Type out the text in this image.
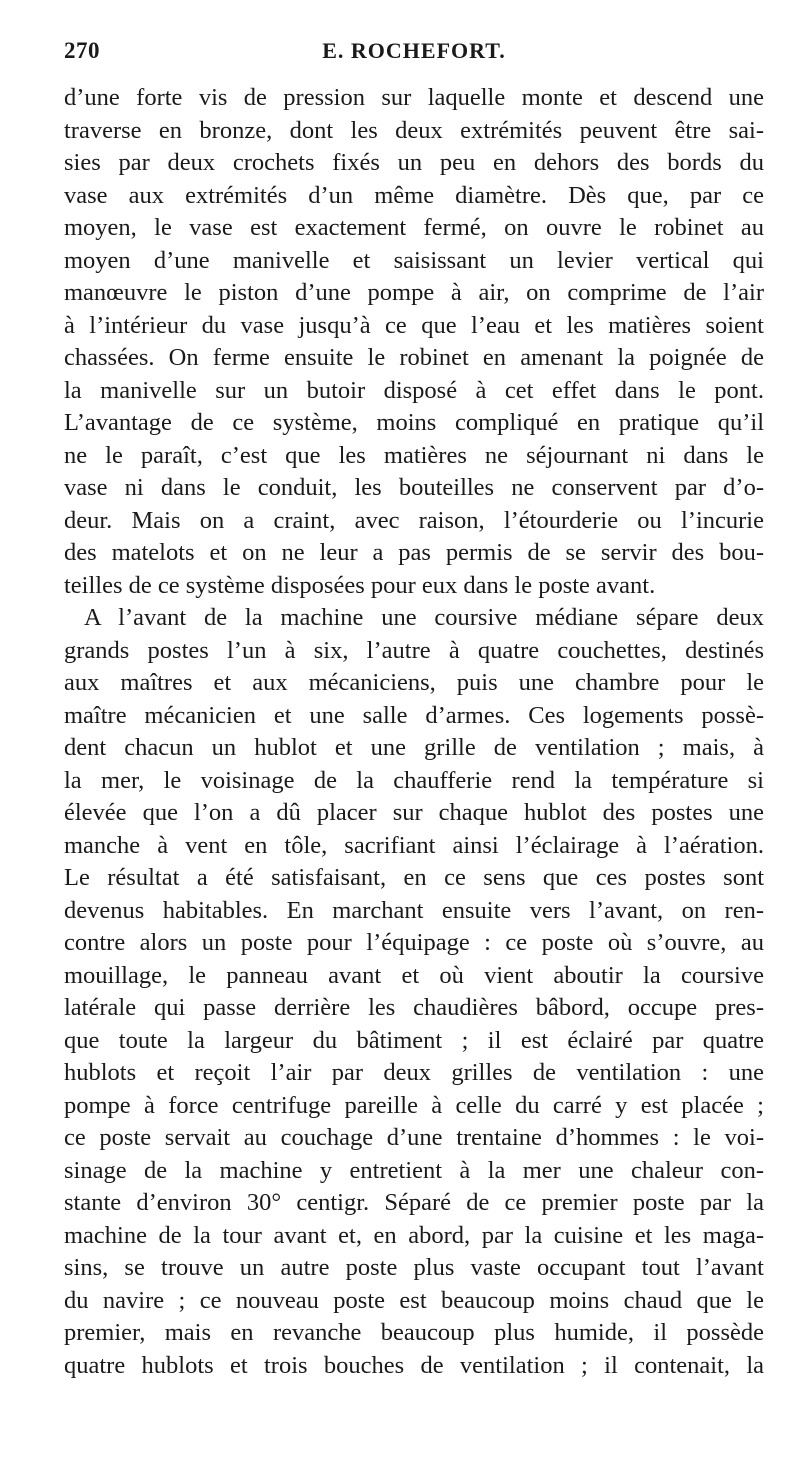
270	E. ROCHEFORT.
d’une forte vis de pression sur laquelle monte et descend une
traverse en bronze, dont les deux extrémités peuvent être sai-
sies par deux crochets fixés un peu en dehors des bords du
vase aux extrémités d’un même diamètre. Dès que, par ce
moyen, le vase est exactement fermé, on ouvre le robinet au
moyen d’une manivelle et saisissant un levier vertical qui
manœuvre le piston d’une pompe à air, on comprime de l’air
à l’intérieur du vase jusqu’à ce que l’eau et les matières soient
chassées. On ferme ensuite le robinet en amenant la poignée de
la manivelle sur un butoir disposé à cet effet dans le pont.
L’avantage de ce système, moins compliqué en pratique qu’il
ne le paraît, c’est que les matières ne séjournant ni dans le
vase ni dans le conduit, les bouteilles ne conservent par d’o-
deur. Mais on a craint, avec raison, l’étourderie ou l’incurie
des matelots et on ne leur a pas permis de se servir des bou-
teilles de ce système disposées pour eux dans le poste avant.
A l’avant de la machine une coursive médiane sépare deux
grands postes l’un à six, l’autre à quatre couchettes, destinés
aux maîtres et aux mécaniciens, puis une chambre pour le
maître mécanicien et une salle d’armes. Ces logements possè-
dent chacun un hublot et une grille de ventilation ; mais, à
la mer, le voisinage de la chaufferie rend la température si
élevée que l’on a dû placer sur chaque hublot des postes une
manche à vent en tôle, sacrifiant ainsi l’éclairage à l’aération.
Le résultat a été satisfaisant, en ce sens que ces postes sont
devenus habitables. En marchant ensuite vers l’avant, on ren-
contre alors un poste pour l’équipage : ce poste où s’ouvre, au
mouillage, le panneau avant et où vient aboutir la coursive
latérale qui passe derrière les chaudières bâbord, occupe pres-
que toute la largeur du bâtiment ; il est éclairé par quatre
hublots et reçoit l’air par deux grilles de ventilation : une
pompe à force centrifuge pareille à celle du carré y est placée ;
ce poste servait au couchage d’une trentaine d’hommes : le voi-
sinage de la machine y entretient à la mer une chaleur con-
stante d’environ 30° centigr. Séparé de ce premier poste par la
machine de la tour avant et, en abord, par la cuisine et les maga-
sins, se trouve un autre poste plus vaste occupant tout l’avant
du navire ; ce nouveau poste est beaucoup moins chaud que le
premier, mais en revanche beaucoup plus humide, il possède
quatre hublots et trois bouches de ventilation ; il contenait, la
